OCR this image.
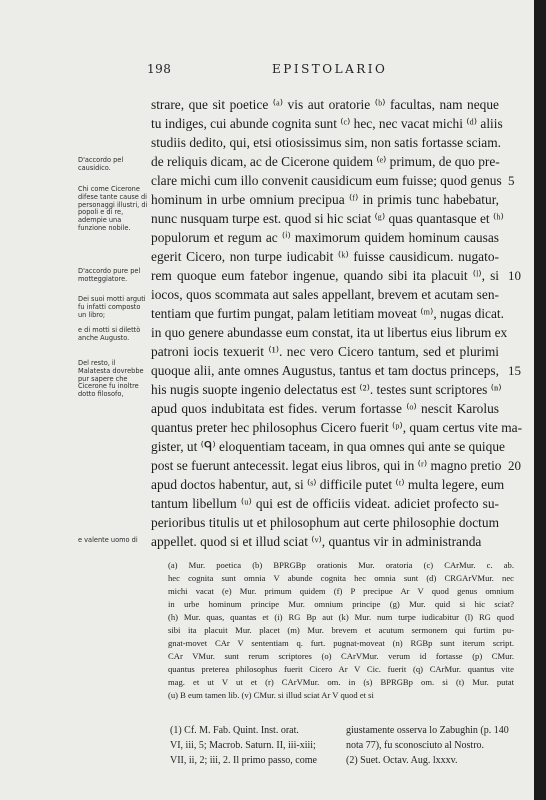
198	EPISTOLARIO
strare, que sit poetice ⁽ᵃ⁾ vis aut oratorie ⁽ᵇ⁾ facultas, nam neque
tu indiges, cui abunde cognita sunt ⁽ᶜ⁾ hec, nec vacat michi ⁽ᵈ⁾ aliis
studiis dedito, qui, etsi otiosissimus sim, non satis fortasse sciam.
de reliquis dicam, ac de Cicerone quidem ⁽ᵉ⁾ primum, de quo pre-
clare michi cum illo convenit causidicum eum fuisse; quod genus
hominum in urbe omnium precipua ⁽ᶠ⁾ in primis tunc habebatur,
nunc nusquam turpe est. quod si hic sciat ⁽ᵍ⁾ quas quantasque et ⁽ʰ⁾
populorum et regum ac ⁽ⁱ⁾ maximorum quidem hominum causas
egerit Cicero, non turpe iudicabit ⁽ᵏ⁾ fuisse causidicum. nugato-
rem quoque eum fatebor ingenue, quando sibi ita placuit ⁽ˡ⁾, si
iocos, quos scommata aut sales appellant, brevem et acutam sen-
tentiam que furtim pungat, palam letitiam moveat ⁽ᵐ⁾, nugas dicat.
in quo genere abundasse eum constat, ita ut libertus eius librum ex
patroni iocis texuerit ⁽¹⁾. nec vero Cicero tantum, sed et plurimi
quoque alii, ante omnes Augustus, tantus et tam doctus princeps,
his nugis suopte ingenio delectatus est ⁽²⁾. testes sunt scriptores ⁽ⁿ⁾
apud quos indubitata est fides. verum fortasse ⁽ᵒ⁾ nescit Karolus
quantus preter hec philosophus Cicero fuerit ⁽ᵖ⁾, quam certus vite ma-
gister, ut ⁽ᑫ⁾ eloquentiam taceam, in qua omnes qui ante se quique
post se fuerunt antecessit. legat eius libros, qui in ⁽ʳ⁾ magno pretio
apud doctos habentur, aut, si ⁽ˢ⁾ difficile putet ⁽ᵗ⁾ multa legere, eum
tantum libellum ⁽ᵘ⁾ qui est de officiis videat. adiciet profecto su-
perioribus titulis ut et philosophum aut certe philosophie doctum
appellet. quod si et illud sciat ⁽ᵛ⁾, quantus vir in administranda
5
10
15
20
D'accordo pel causidico.
Chi come Cicerone difese tante cause di personaggi illustri, di popoli e di re, adempie una funzione nobile.
D'accordo pure pel motteggiatore.
Dei suoi motti arguti fu infatti composto un libro;
e di motti si dilettò anche Augusto.
Del resto, il Malatesta dovrebbe pur sapere che Cicerone fu inoltre dotto filosofo,
e valente uomo di
(a) Mur. poetica (b) BPRGBp orationis Mur. oratoria (c) CArMur. c. ab.
hec cognita sunt omnia V abunde cognita hec omnia sunt (d) CRGArVMur. nec
michi vacat (e) Mur. primum quidem (f) P precipue Ar V quod genus omnium
in urbe hominum principe Mur. omnium principe (g) Mur. quid si hic sciat?
(h) Mur. quas, quantas et (i) RG Bp aut (k) Mur. num turpe iudicabitur (l) RG quod
sibi ita placuit Mur. placet (m) Mur. brevem et acutum sermonem qui furtim pu-
gnat-movet CAr V sententiam q. furt. pugnat-moveat (n) RGBp sunt iterum script.
CAr VMur. sunt rerum scriptores (o) CArVMur. verum id fortasse (p) CMur.
quantus preterea philosophus fuerit Cicero Ar V Cic. fuerit (q) CArMur. quantus vite
mag. et ut V ut et (r) CArVMur. om. in (s) BPRGBp om. si (t) Mur. putat
(u) B eum tamen lib. (v) CMur. si illud sciat Ar V quod et si
(1) Cf. M. Fab. Quint. Inst. orat.
VI, iii, 5; Macrob. Saturn. II, iii-xiii;
VII, ii, 2; iii, 2. Il primo passo, come
giustamente osserva lo Zabughin (p. 140
nota 77), fu sconosciuto al Nostro.
(2) Suet. Octav. Aug. lxxxv.
